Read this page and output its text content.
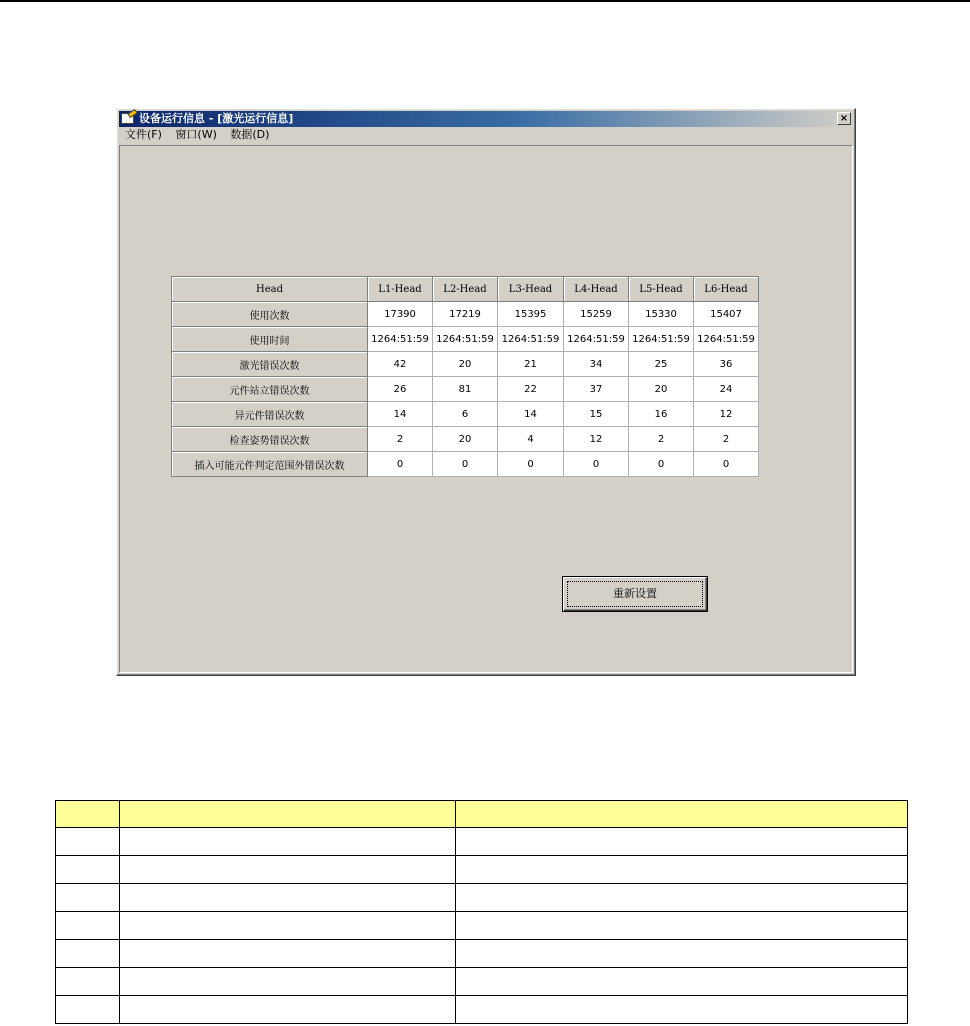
设备运行信息 - [激光运行信息]	×
文件(F) 窗口(W) 数据(D)
Head	L1-Head	L2-Head	L3-Head	L4-Head	L5-Head	L6-Head
使用次数	17390	17219	15395	15259	15330	15407
使用时间	1264:51:59	1264:51:59	1264:51:59	1264:51:59	1264:51:59	1264:51:59
激光错误次数	42	20	21	34	25	36
元件站立错误次数	26	81	22	37	20	24
异元件错误次数	14	6	14	15	16	12
检查姿势错误次数	2	20	4	12	2	2
插入可能元件判定范围外错误次数	0	0	0	0	0	0
重新设置
